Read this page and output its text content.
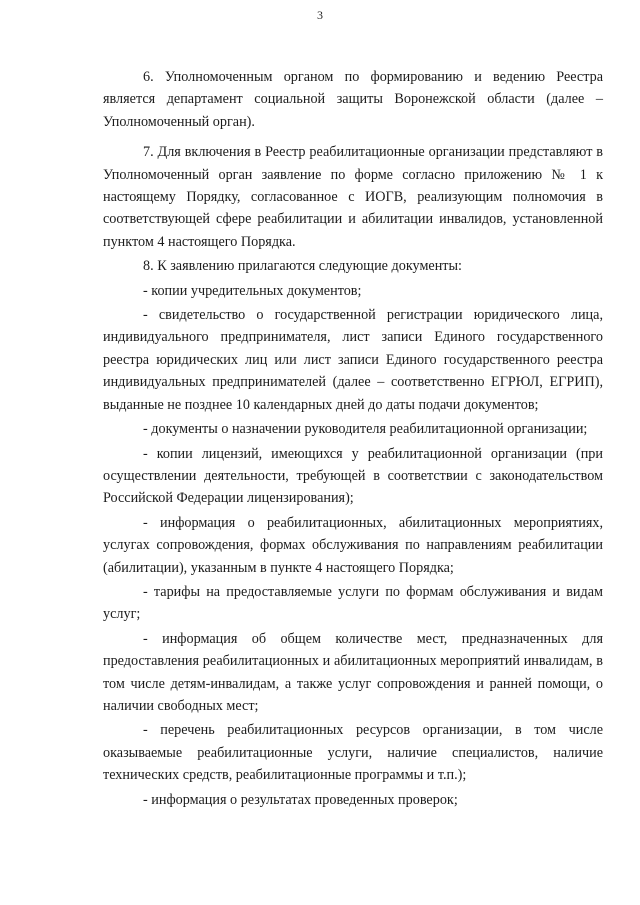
3

6. Уполномоченным органом по формированию и ведению Реестра является департамент социальной защиты Воронежской области (далее – Уполномоченный орган).

7. Для включения в Реестр реабилитационные организации представляют в Уполномоченный орган заявление по форме согласно приложению № 1 к настоящему Порядку, согласованное с ИОГВ, реализующим полномочия в соответствующей сфере реабилитации и абилитации инвалидов, установленной пунктом 4 настоящего Порядка.

8. К заявлению прилагаются следующие документы:

- копии учредительных документов;

- свидетельство о государственной регистрации юридического лица, индивидуального предпринимателя, лист записи Единого государственного реестра юридических лиц или лист записи Единого государственного реестра индивидуальных предпринимателей (далее – соответственно ЕГРЮЛ, ЕГРИП), выданные не позднее 10 календарных дней до даты подачи документов;

- документы о назначении руководителя реабилитационной организации;

- копии лицензий, имеющихся у реабилитационной организации (при осуществлении деятельности, требующей в соответствии с законодательством Российской Федерации лицензирования);

- информация о реабилитационных, абилитационных мероприятиях, услугах сопровождения, формах обслуживания по направлениям реабилитации (абилитации), указанным в пункте 4 настоящего Порядка;

- тарифы на предоставляемые услуги по формам обслуживания и видам услуг;

- информация об общем количестве мест, предназначенных для предоставления реабилитационных и абилитационных мероприятий инвалидам, в том числе детям-инвалидам, а также услуг сопровождения и ранней помощи, о наличии свободных мест;

- перечень реабилитационных ресурсов организации, в том числе оказываемые реабилитационные услуги, наличие специалистов, наличие технических средств, реабилитационные программы и т.п.);

- информация о результатах проведенных проверок;
